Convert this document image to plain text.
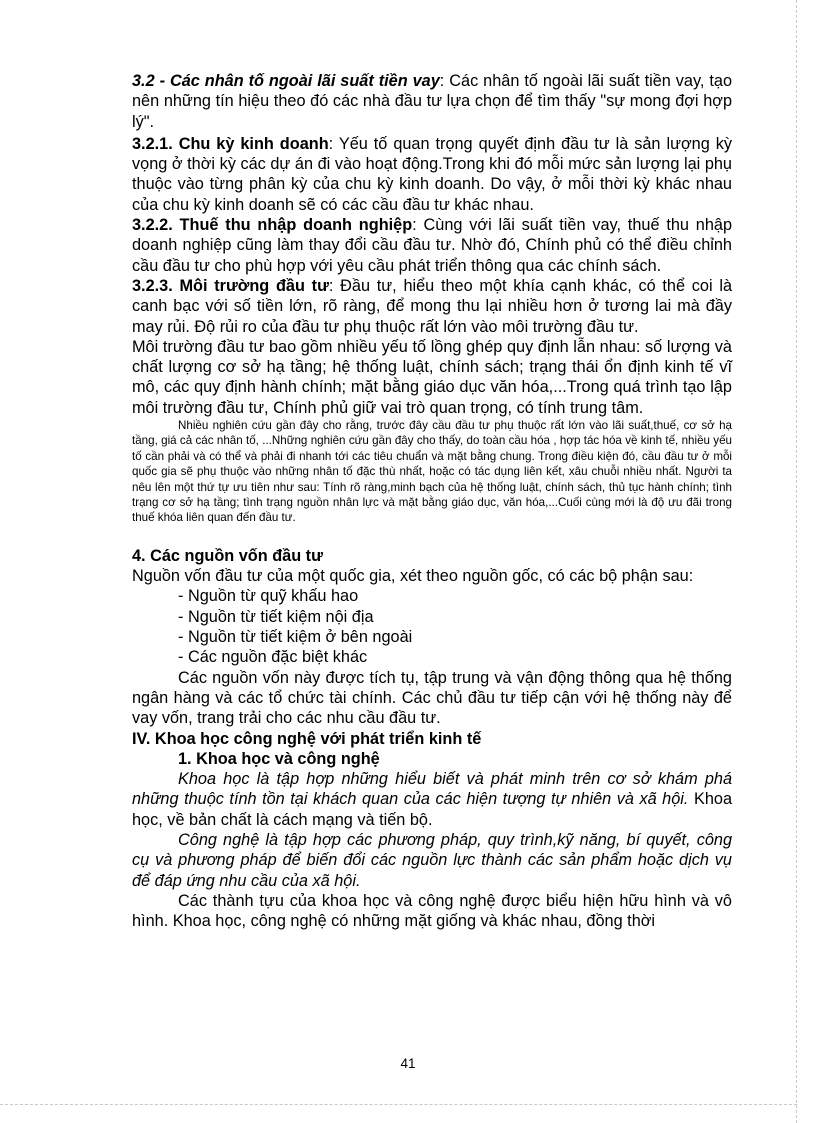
3.2 - Các nhân tố ngoài lãi suất tiền vay: Các nhân tố ngoài lãi suất tiền vay, tạo nên những tín hiệu theo đó các nhà đầu tư lựa chọn để tìm thấy "sự mong đợi hợp lý".

3.2.1. Chu kỳ kinh doanh: Yếu tố quan trọng quyết định đầu tư là sản lượng kỳ vọng ở thời kỳ các dự án đi vào hoạt động.Trong khi đó mỗi mức sản lượng lại phụ thuộc vào từng phân kỳ của chu kỳ kinh doanh. Do vậy, ở mỗi thời kỳ khác nhau của chu kỳ kinh doanh sẽ có các cầu đầu tư khác nhau.

3.2.2. Thuế thu nhập doanh nghiệp: Cùng với lãi suất tiền vay, thuế thu nhập doanh nghiệp cũng làm thay đổi cầu đầu tư. Nhờ đó, Chính phủ có thể điều chỉnh cầu đầu tư cho phù hợp với yêu cầu phát triển thông qua các chính sách.

3.2.3. Môi trường đầu tư: Đầu tư, hiểu theo một khía cạnh khác, có thể coi là canh bạc với số tiền lớn, rõ ràng, để mong thu lại nhiều hơn ở tương lai mà đầy may rủi. Độ rủi ro của đầu tư phụ thuộc rất lớn vào môi trường đầu tư.

Môi trường đầu tư bao gồm nhiều yếu tố lồng ghép quy định lẫn nhau: số lượng và chất lượng cơ sở hạ tầng; hệ thống luật, chính sách; trạng thái ổn định kinh tế vĩ mô, các quy định hành chính; mặt bằng giáo dục văn hóa,...Trong quá trình tạo lập môi trường đầu tư, Chính phủ giữ vai trò quan trọng, có tính trung tâm.

Nhiều nghiên cứu gần đây cho rằng, trước đây cầu đầu tư phụ thuộc rất lớn vào lãi suất,thuế, cơ sở hạ tầng, giá cả các nhân tố, ...Những nghiên cứu gần đây cho thấy, do toàn cầu hóa , hợp tác hóa về kinh tế, nhiều yếu tố cần phải và có thể và phải đi nhanh tới các tiêu chuẩn và mặt bằng chung. Trong điều kiện đó, cầu đầu tư ở mỗi quốc gia sẽ phụ thuộc vào những nhân tố đặc thù nhất, hoặc có tác dụng liên kết, xâu chuỗi nhiều nhất. Người ta nêu lên một thứ tự ưu tiên như sau: Tính rõ ràng,minh bạch của hệ thống luật, chính sách, thủ tục hành chính; tình trạng cơ sở hạ tầng; tình trạng nguồn nhân lực và mặt bằng giáo dục, văn hóa,...Cuối cùng mới là độ ưu đãi trong thuế khóa liên quan đến đầu tư.

4. Các nguồn vốn đầu tư

Nguồn vốn đầu tư của một quốc gia, xét theo nguồn gốc, có các bộ phận sau:

- Nguồn từ quỹ khấu hao

- Nguồn từ tiết kiệm nội địa

- Nguồn từ tiết kiệm ở bên ngoài

- Các nguồn đặc biệt khác

Các nguồn vốn này được tích tụ, tập trung và vận động thông qua hệ thống ngân hàng và các tổ chức tài chính. Các chủ đầu tư tiếp cận với hệ thống này để vay vốn, trang trải cho các nhu cầu đầu tư.

IV. Khoa học công nghệ với phát triển kinh tế

1. Khoa học và công nghệ

Khoa học là tập hợp những hiểu biết và phát minh trên cơ sở khám phá những thuộc tính tồn tại khách quan của các hiện tượng tự nhiên và xã hội. Khoa học, về bản chất là cách mạng và tiến bộ.

Công nghệ là tập hợp các phương pháp, quy trình,kỹ năng, bí quyết, công cụ và phương pháp để biến đổi các nguồn lực thành các sản phẩm hoặc dịch vụ để đáp ứng nhu cầu của xã hội.

Các thành tựu của khoa học và công nghệ được biểu hiện hữu hình và vô hình. Khoa học, công nghệ có những mặt giống và khác nhau, đồng thời

41
